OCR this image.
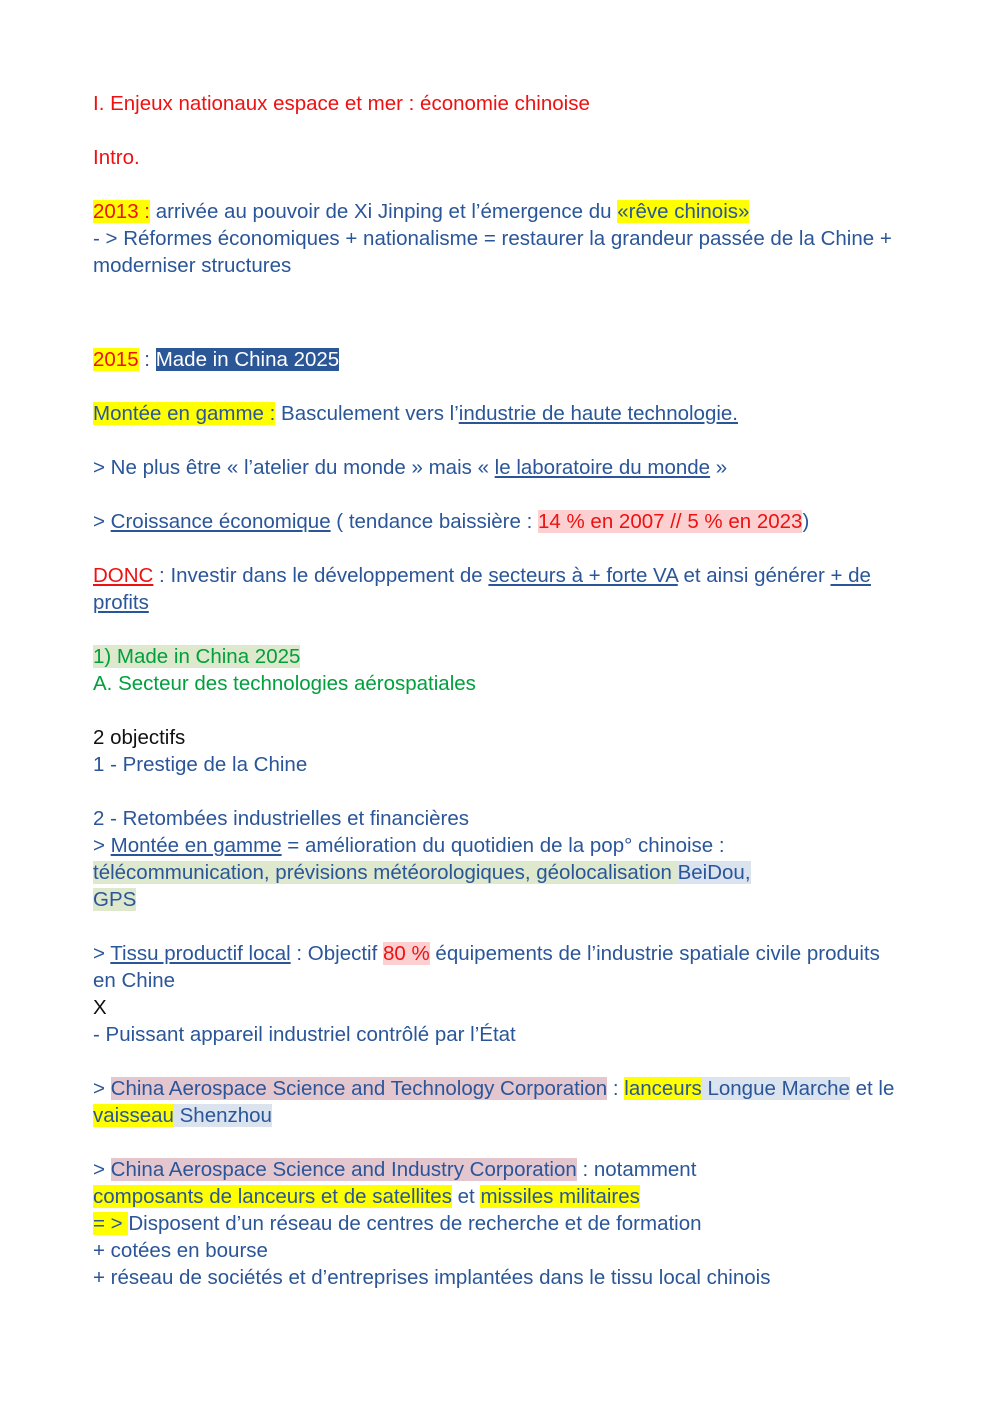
I. Enjeux nationaux espace et mer : économie chinoise

Intro.

2013 : arrivée au pouvoir de Xi Jinping et l’émergence du «rêve chinois»
- > Réformes économiques + nationalisme = restaurer la grandeur passée de la Chine + moderniser structures

2015 : Made in China 2025

Montée en gamme : Basculement vers l’industrie de haute technologie.

> Ne plus être « l’atelier du monde » mais « le laboratoire du monde »

> Croissance économique ( tendance baissière : 14 % en 2007 // 5 % en 2023)

DONC : Investir dans le développement de secteurs à + forte VA et ainsi générer + de profits

1) Made in China 2025
A. Secteur des technologies aérospatiales

2 objectifs
1 - Prestige de la Chine

2 - Retombées industrielles et financières
> Montée en gamme = amélioration du quotidien de la pop° chinoise : télécommunication, prévisions météorologiques, géolocalisation BeiDou,
GPS

> Tissu productif local : Objectif 80 % équipements de l’industrie spatiale civile produits en Chine
X
- Puissant appareil industriel contrôlé par l’État

> China Aerospace Science and Technology Corporation : lanceurs Longue Marche et le vaisseau Shenzhou

> China Aerospace Science and Industry Corporation : notamment
composants de lanceurs et de satellites et missiles militaires
= > Disposent d’un réseau de centres de recherche et de formation
+ cotées en bourse
+ réseau de sociétés et d’entreprises implantées dans le tissu local chinois
